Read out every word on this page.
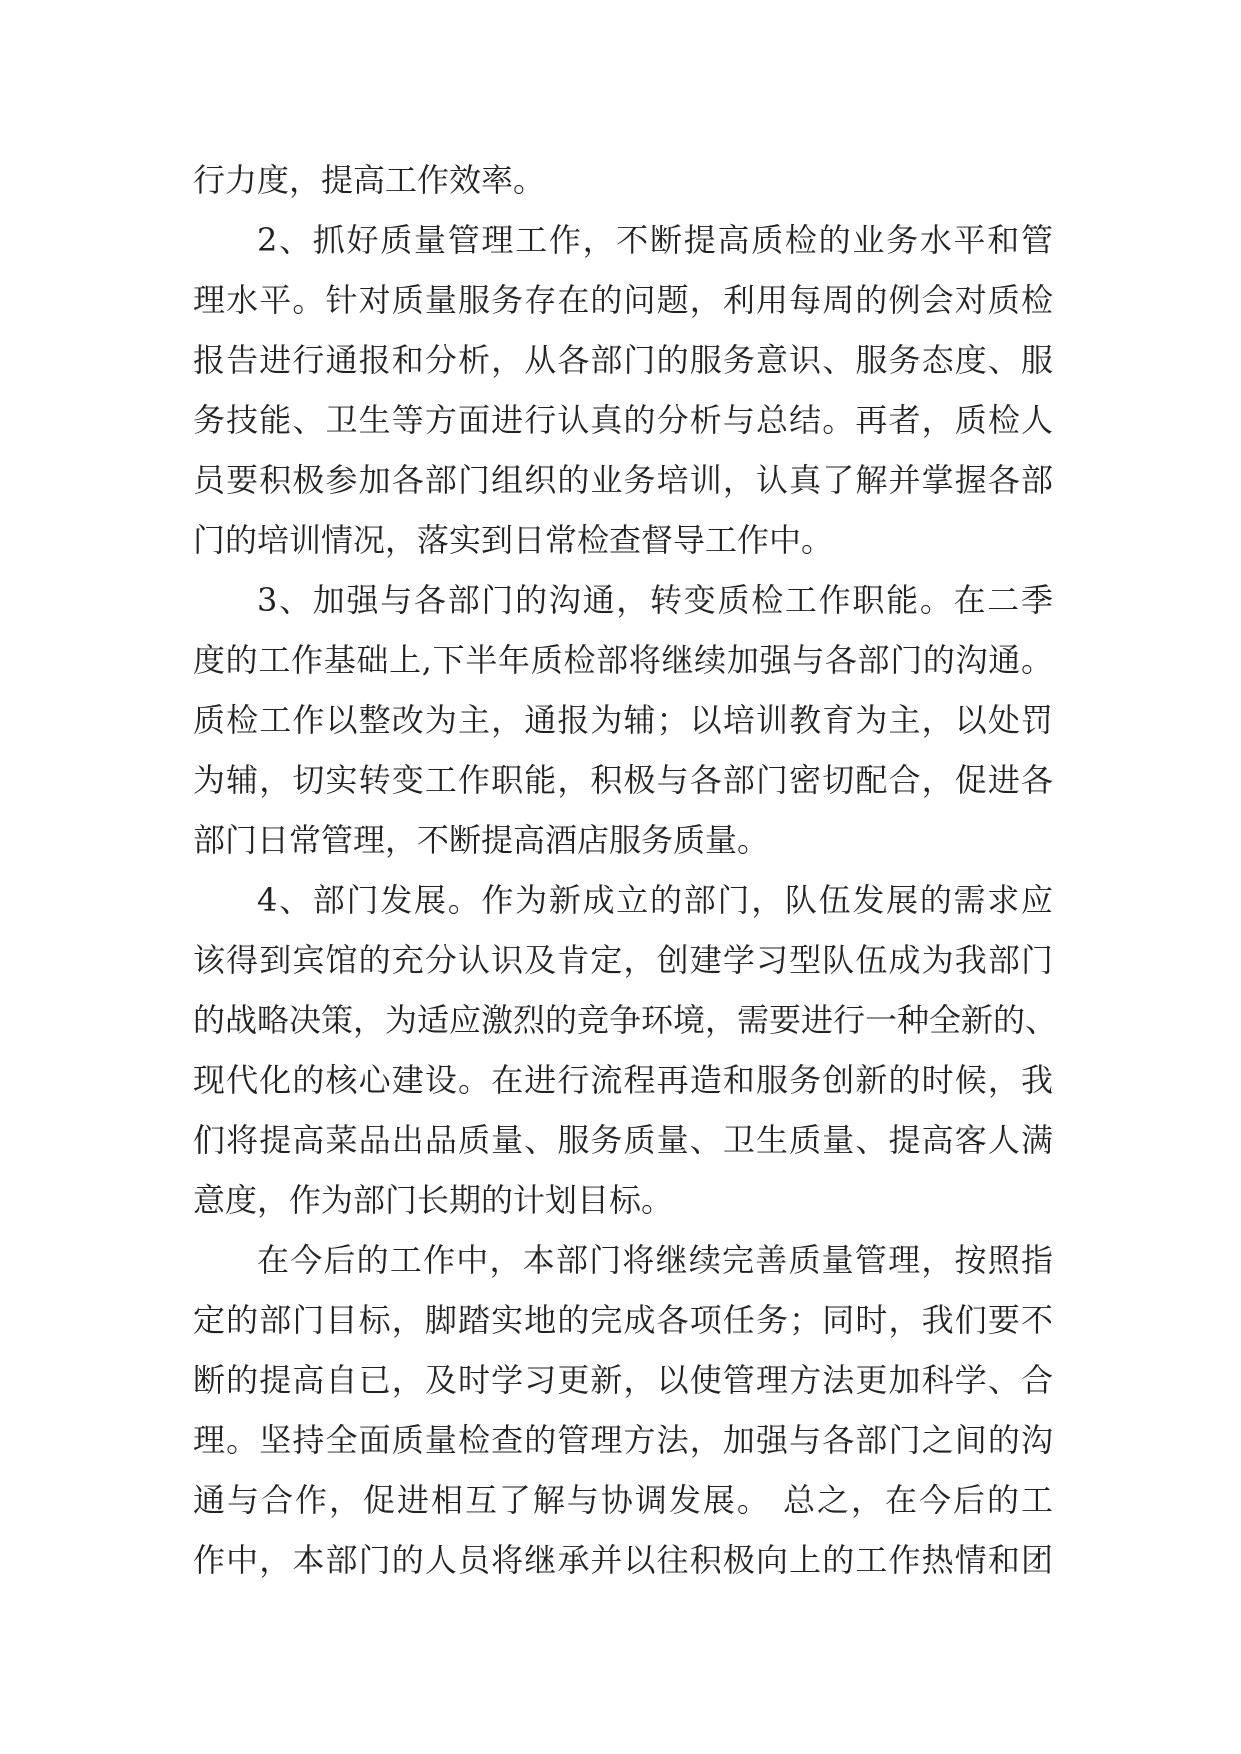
行力度，提高工作效率。
2、抓好质量管理工作，不断提高质检的业务水平和管
理水平。针对质量服务存在的问题，利用每周的例会对质检
报告进行通报和分析，从各部门的服务意识、服务态度、服
务技能、卫生等方面进行认真的分析与总结。再者，质检人
员要积极参加各部门组织的业务培训，认真了解并掌握各部
门的培训情况，落实到日常检查督导工作中。
3、加强与各部门的沟通，转变质检工作职能。在二季
度的工作基础上,下半年质检部将继续加强与各部门的沟通。
质检工作以整改为主，通报为辅；以培训教育为主，以处罚
为辅，切实转变工作职能，积极与各部门密切配合，促进各
部门日常管理，不断提高酒店服务质量。
4、部门发展。作为新成立的部门，队伍发展的需求应
该得到宾馆的充分认识及肯定，创建学习型队伍成为我部门
的战略决策，为适应激烈的竞争环境，需要进行一种全新的、
现代化的核心建设。在进行流程再造和服务创新的时候，我
们将提高菜品出品质量、服务质量、卫生质量、提高客人满
意度，作为部门长期的计划目标。
在今后的工作中，本部门将继续完善质量管理，按照指
定的部门目标，脚踏实地的完成各项任务；同时，我们要不
断的提高自已，及时学习更新，以使管理方法更加科学、合
理。坚持全面质量检查的管理方法，加强与各部门之间的沟
通与合作，促进相互了解与协调发展。 总之，在今后的工
作中，本部门的人员将继承并以往积极向上的工作热情和团
